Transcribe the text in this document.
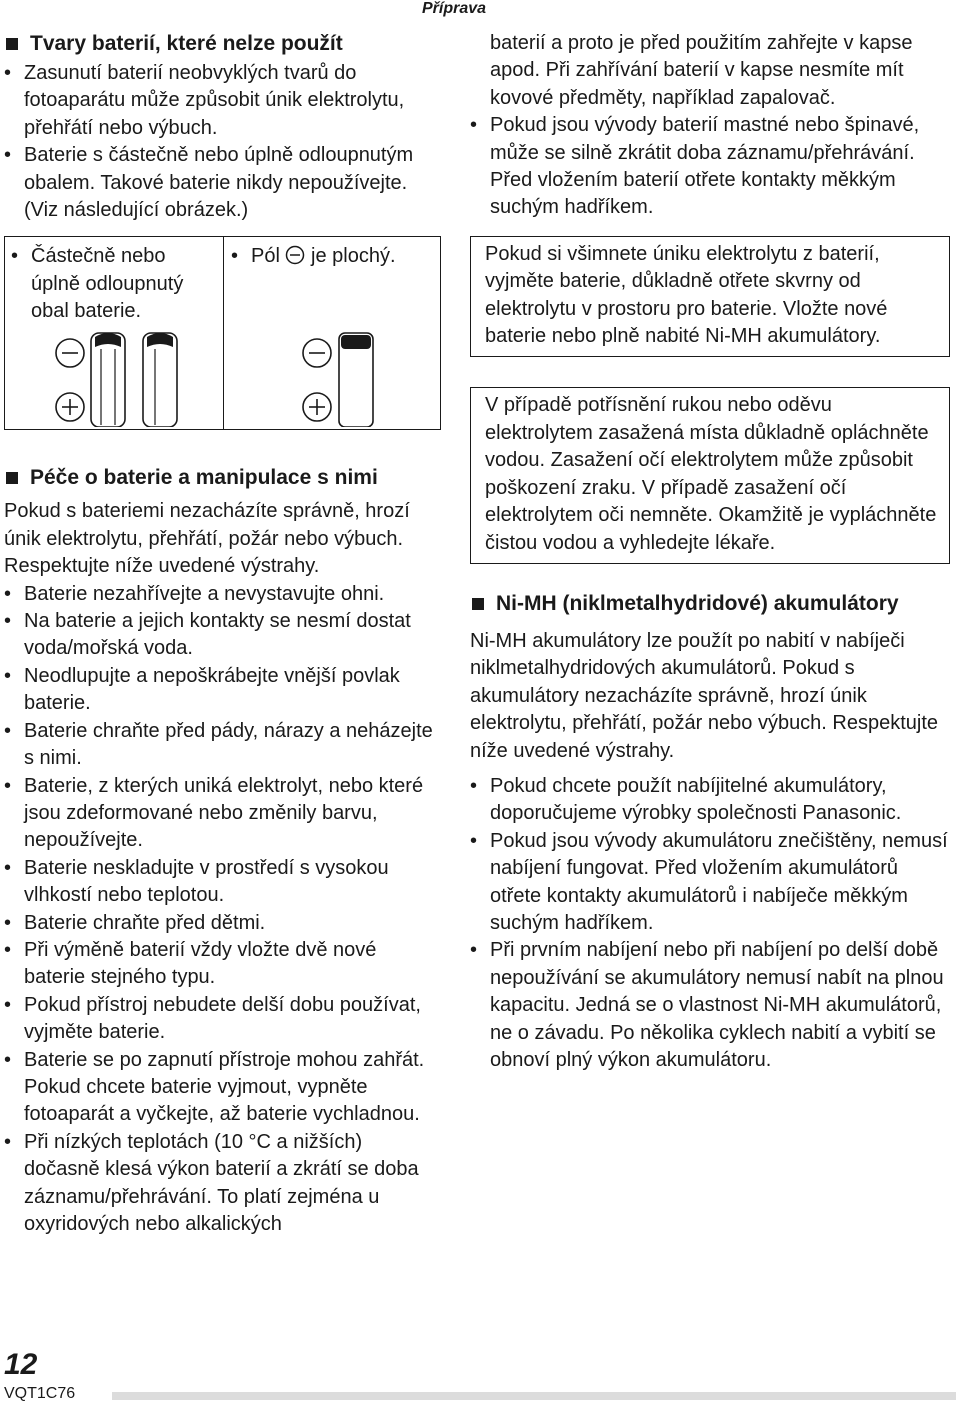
Příprava
Tvary baterií, které nelze použít
• Zasunutí baterií neobvyklých tvarů do fotoaparátu může způsobit únik elektrolytu, přehřátí nebo výbuch.
• Baterie s částečně nebo úplně odloupnutým obalem. Takové baterie nikdy nepoužívejte. (Viz následující obrázek.)
• Částečně nebo úplně odloupnutý obal baterie.
• Pól je plochý.
Péče o baterie a manipulace s nimi

Pokud s bateriemi nezacházíte správně, hrozí únik elektrolytu, přehřátí, požár nebo výbuch. Respektujte níže uvedené výstrahy.

• Baterie nezahřívejte a nevystavujte ohni.
• Na baterie a jejich kontakty se nesmí dostat voda/mořská voda.
• Neodlupujte a nepoškrábejte vnější povlak baterie.
• Baterie chraňte před pády, nárazy a neházejte s nimi.
• Baterie, z kterých uniká elektrolyt, nebo které jsou zdeformované nebo změnily barvu, nepoužívejte.
• Baterie neskladujte v prostředí s vysokou vlhkostí nebo teplotou.
• Baterie chraňte před dětmi.
• Při výměně baterií vždy vložte dvě nové baterie stejného typu.
• Pokud přístroj nebudete delší dobu používat, vyjměte baterie.
• Baterie se po zapnutí přístroje mohou zahřát. Pokud chcete baterie vyjmout, vypněte fotoaparát a vyčkejte, až baterie vychladnou.
• Při nízkých teplotách (10 °C a nižších) dočasně klesá výkon baterií a zkrátí se doba záznamu/přehrávání. To platí zejména u oxyridových nebo alkalických

baterií a proto je před použitím zahřejte v kapse apod. Při zahřívání baterií v kapse nesmíte mít kovové předměty, například zapalovač.

• Pokud jsou vývody baterií mastné nebo špinavé, může se silně zkrátit doba záznamu/přehrávání. Před vložením baterií otřete kontakty měkkým suchým hadříkem.

Pokud si všimnete úniku elektrolytu z baterií, vyjměte baterie, důkladně otřete skvrny od elektrolytu v prostoru pro baterie. Vložte nové baterie nebo plně nabité Ni-MH akumulátory.

V případě potřísnění rukou nebo oděvu elektrolytem zasažená místa důkladně opláchněte vodou. Zasažení očí elektrolytem může způsobit poškození zraku. V případě zasažení očí elektrolytem oči nemněte. Okamžitě je vypláchněte čistou vodou a vyhledejte lékaře.

Ni-MH (niklmetalhydridové) akumulátory

Ni-MH akumulátory lze použít po nabití v nabíječi niklmetalhydridových akumulátorů. Pokud s akumulátory nezacházíte správně, hrozí únik elektrolytu, přehřátí, požár nebo výbuch. Respektujte níže uvedené výstrahy.

• Pokud chcete použít nabíjitelné akumulátory, doporučujeme výrobky společnosti Panasonic.
• Pokud jsou vývody akumulátoru znečištěny, nemusí nabíjení fungovat. Před vložením akumulátorů otřete kontakty akumulátorů i nabíječe měkkým suchým hadříkem.
• Při prvním nabíjení nebo při nabíjení po delší době nepoužívání se akumulátory nemusí nabít na plnou kapacitu. Jedná se o vlastnost Ni-MH akumulátorů, ne o závadu. Po několika cyklech nabití a vybití se obnoví plný výkon akumulátoru.
12
VQT1C76
